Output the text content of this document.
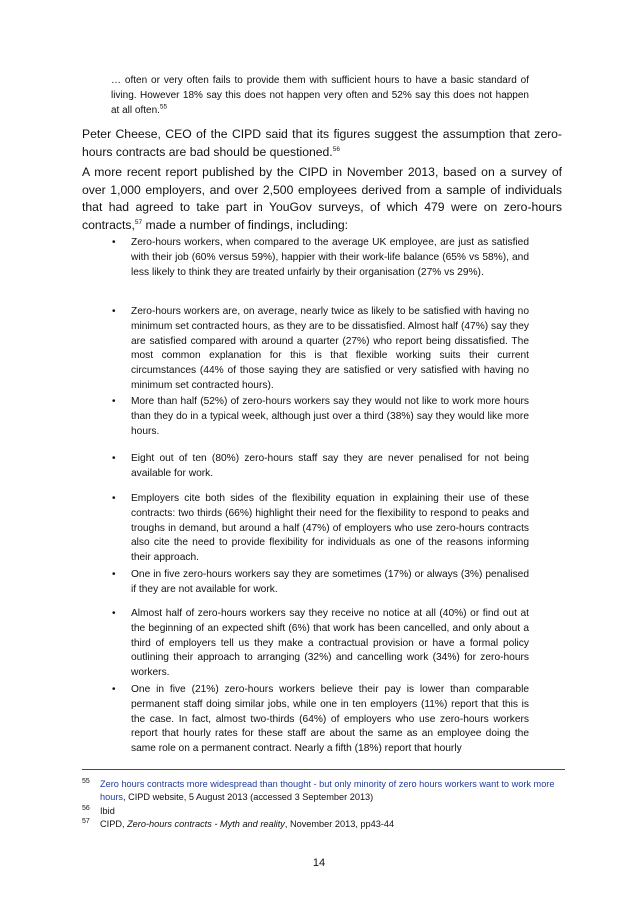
… often or very often fails to provide them with sufficient hours to have a basic standard of living. However 18% say this does not happen very often and 52% say this does not happen at all often.$^{55}$
Peter Cheese, CEO of the CIPD said that its figures suggest the assumption that zero-hours contracts are bad should be questioned.$^{56}$
A more recent report published by the CIPD in November 2013, based on a survey of over 1,000 employers, and over 2,500 employees derived from a sample of individuals that had agreed to take part in YouGov surveys, of which 479 were on zero-hours contracts,$^{57}$ made a number of findings, including:
• Zero-hours workers, when compared to the average UK employee, are just as satisfied with their job (60% versus 59%), happier with their work-life balance (65% vs 58%), and less likely to think they are treated unfairly by their organisation (27% vs 29%).
• Zero-hours workers are, on average, nearly twice as likely to be satisfied with having no minimum set contracted hours, as they are to be dissatisfied. Almost half (47%) say they are satisfied compared with around a quarter (27%) who report being dissatisfied. The most common explanation for this is that flexible working suits their current circumstances (44% of those saying they are satisfied or very satisfied with having no minimum set contracted hours).
• More than half (52%) of zero-hours workers say they would not like to work more hours than they do in a typical week, although just over a third (38%) say they would like more hours.
• Eight out of ten (80%) zero-hours staff say they are never penalised for not being available for work.
• Employers cite both sides of the flexibility equation in explaining their use of these contracts: two thirds (66%) highlight their need for the flexibility to respond to peaks and troughs in demand, but around a half (47%) of employers who use zero-hours contracts also cite the need to provide flexibility for individuals as one of the reasons informing their approach.
• One in five zero-hours workers say they are sometimes (17%) or always (3%) penalised if they are not available for work.
• Almost half of zero-hours workers say they receive no notice at all (40%) or find out at the beginning of an expected shift (6%) that work has been cancelled, and only about a third of employers tell us they make a contractual provision or have a formal policy outlining their approach to arranging (32%) and cancelling work (34%) for zero-hours workers.
• One in five (21%) zero-hours workers believe their pay is lower than comparable permanent staff doing similar jobs, while one in ten employers (11%) report that this is the case. In fact, almost two-thirds (64%) of employers who use zero-hours workers report that hourly rates for these staff are about the same as an employee doing the same role on a permanent contract. Nearly a fifth (18%) report that hourly
55 Zero hours contracts more widespread than thought - but only minority of zero hours workers want to work more hours, CIPD website, 5 August 2013 (accessed 3 September 2013)
56 Ibid
57 CIPD, Zero-hours contracts - Myth and reality, November 2013, pp43-44
14
